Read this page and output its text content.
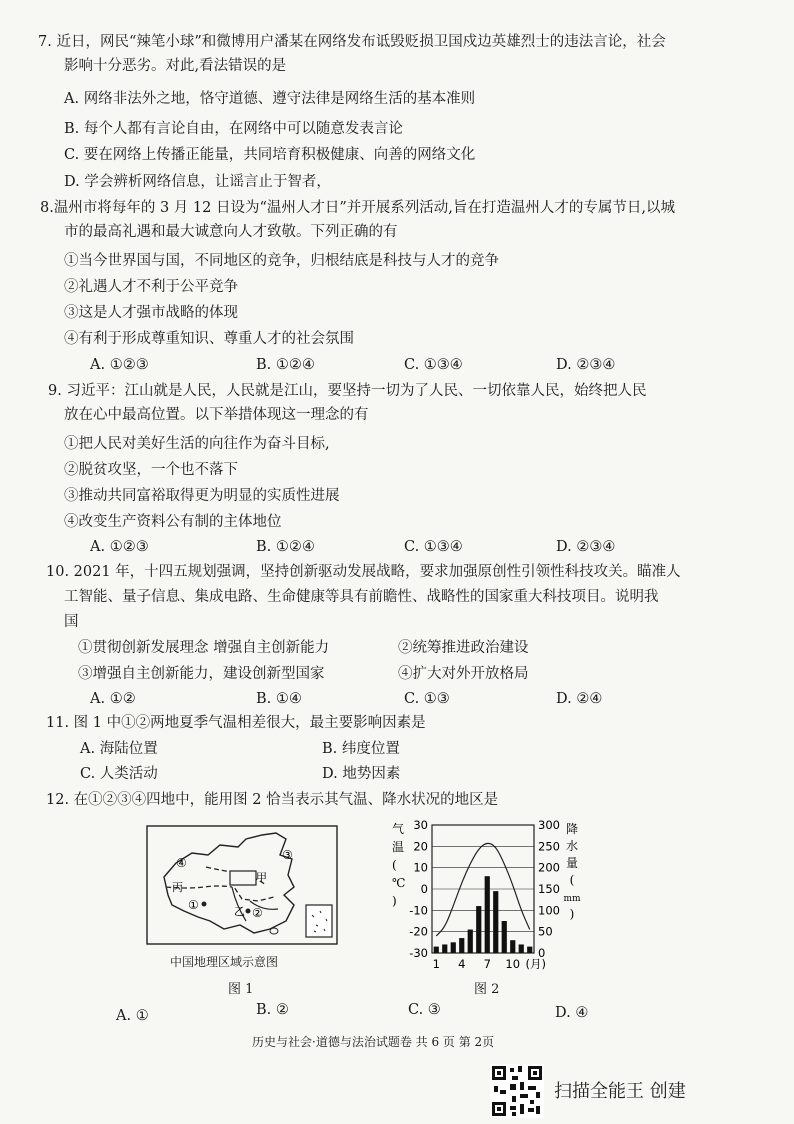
7. 近日，网民“辣笔小球”和微博用户潘某在网络发布诋毁贬损卫国戍边英雄烈士的违法言论，社会
影响十分恶劣。对此,看法错误的是
A. 网络非法外之地，恪守道德、遵守法律是网络生活的基本准则
B. 每个人都有言论自由，在网络中可以随意发表言论
C. 要在网络上传播正能量，共同培育积极健康、向善的网络文化
D. 学会辨析网络信息，让谣言止于智者，
8.温州市将每年的 3 月 12 日设为“温州人才日”并开展系列活动,旨在打造温州人才的专属节日,以城
市的最高礼遇和最大诚意向人才致敬。下列正确的有
①当今世界国与国，不同地区的竞争，归根结底是科技与人才的竞争
②礼遇人才不利于公平竞争
③这是人才强市战略的体现
④有利于形成尊重知识、尊重人才的社会氛围
A. ①②③	B. ①②④	C. ①③④	D. ②③④
9. 习近平：江山就是人民，人民就是江山，要坚持一切为了人民、一切依靠人民，始终把人民
放在心中最高位置。以下举措体现这一理念的有
①把人民对美好生活的向往作为奋斗目标,
②脱贫攻坚，一个也不落下
③推动共同富裕取得更为明显的实质性进展
④改变生产资料公有制的主体地位
A. ①②③	B. ①②④	C. ①③④	D. ②③④
10. 2021 年，十四五规划强调，坚持创新驱动发展战略，要求加强原创性引领性科技攻关。瞄准人
工智能、量子信息、集成电路、生命健康等具有前瞻性、战略性的国家重大科技项目。说明我
国
①贯彻创新发展理念 增强自主创新能力	②统筹推进政治建设
③增强自主创新能力，建设创新型国家	④扩大对外开放格局
A. ①②	B. ①④	C. ①③	D. ②④
11. 图 1 中①②两地夏季气温相差很大，最主要影响因素是
A. 海陆位置	B. 纬度位置
C. 人类活动	D. 地势因素
12. 在①②③④四地中，能用图 2 恰当表示其气温、降水状况的地区是
④
③
甲
丙
①	乙 ②
中国地理区域示意图
图 1
气
温
(
℃
)
降
水
量
(
mm
)
30
20
10
0
-10
-20
-30
300
250
200
150
100
50
0
1 4 7 10 (月)
图 2
A. ①	B. ②	C. ③	D. ④
历史与社会·道德与法治试题卷 共 6 页 第 2页
扫描全能王 创建
